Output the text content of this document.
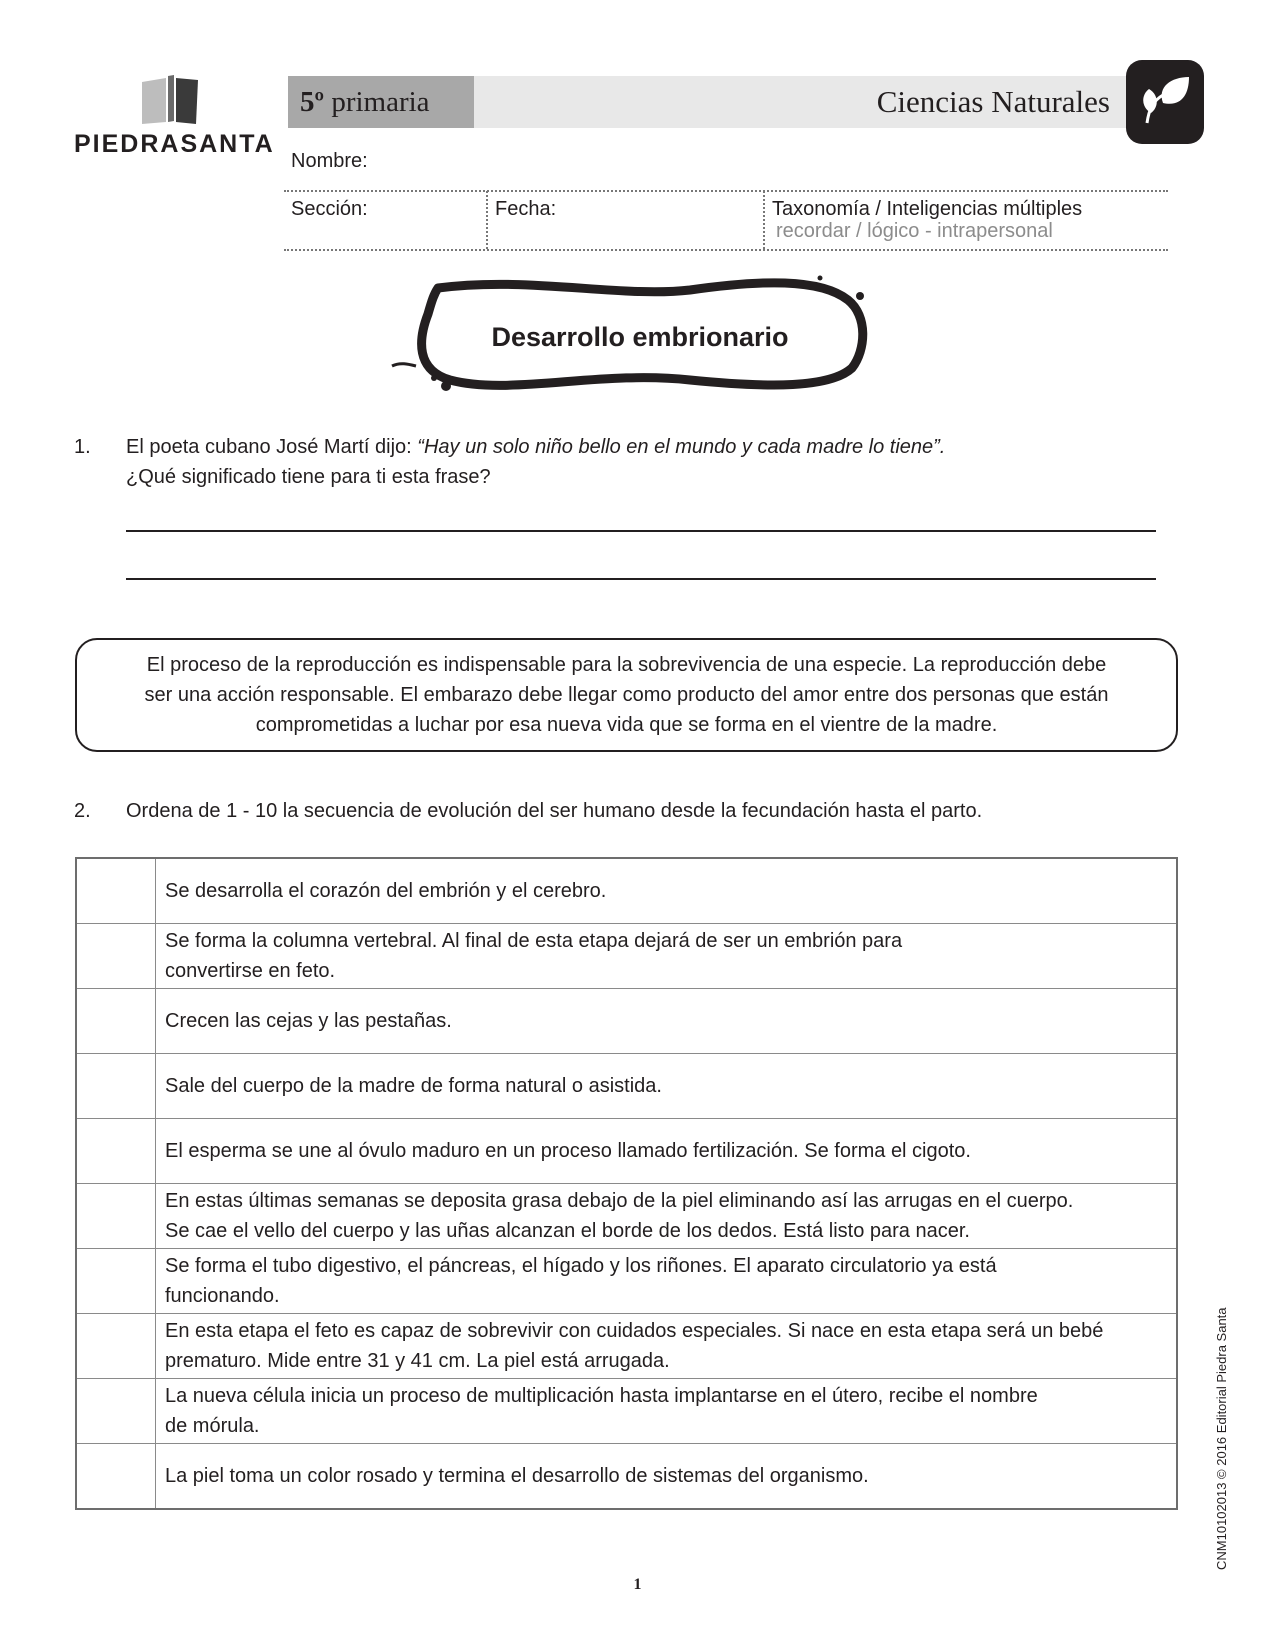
PIEDRASANTA
5º
primaria	Ciencias Naturales
Nombre:
Sección:	Fecha:	Taxonomía / Inteligencias múltiples
recordar / lógico - intrapersonal
Desarrollo embrionario
1. El poeta cubano José Martí dijo: “Hay un solo niño bello en el mundo y cada madre lo tiene”.
¿Qué significado tiene para ti esta frase?
El proceso de la reproducción es indispensable para la sobrevivencia de una especie. La reproducción debe
ser una acción responsable. El embarazo debe llegar como producto del amor entre dos personas que están
comprometidas a luchar por esa nueva vida que se forma en el vientre de la madre.
2. Ordena de 1 - 10 la secuencia de evolución del ser humano desde la fecundación hasta el parto.

	Se desarrolla el corazón del embrión y el cerebro.

	Se forma la columna vertebral. Al final de esta etapa dejará de ser un embrión para
convertirse en feto.

	Crecen las cejas y las pestañas.

	Sale del cuerpo de la madre de forma natural o asistida.

	El esperma se une al óvulo maduro en un proceso llamado fertilización. Se forma el cigoto.

	En estas últimas semanas se deposita grasa debajo de la piel eliminando así las arrugas en el cuerpo.
Se cae el vello del cuerpo y las uñas alcanzan el borde de los dedos. Está listo para nacer.

	Se forma el tubo digestivo, el páncreas, el hígado y los riñones. El aparato circulatorio ya está
funcionando.

	En esta etapa el feto es capaz de sobrevivir con cuidados especiales. Si nace en esta etapa será un bebé
prematuro. Mide entre 31 y 41 cm. La piel está arrugada.

	La nueva célula inicia un proceso de multiplicación hasta implantarse en el útero, recibe el nombre
de mórula.

	La piel toma un color rosado y termina el desarrollo de sistemas del organismo.	CNM10102013 © 2016 Editorial Piedra Santa
1
